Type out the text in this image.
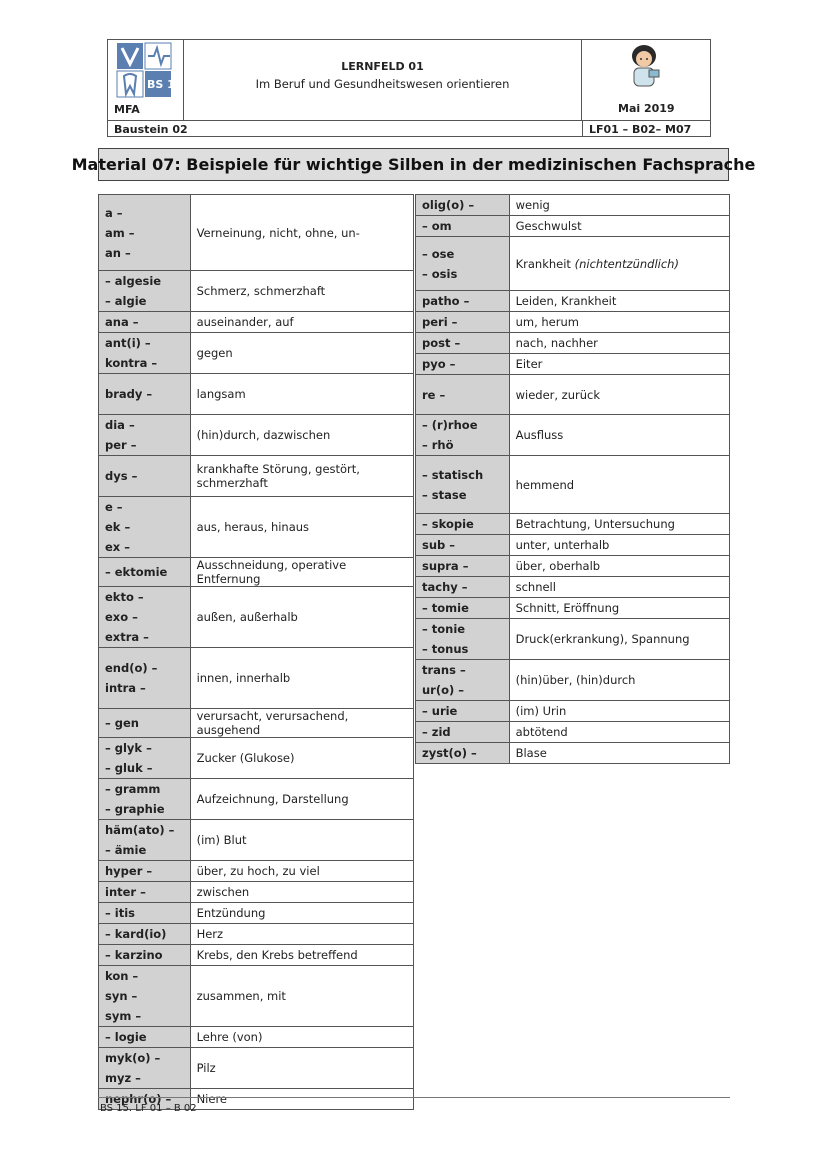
BS 15
MFA
LERNFELD 01
Im Beruf und Gesundheitswesen orientieren
Mai 2019
Baustein 02	LF01 – B02– M07
Material 07: Beispiele für wichtige Silben in der medizinischen Fachsprache
a –
am –
an –	Verneinung, nicht, ohne, un-
– algesie
– algie	Schmerz, schmerzhaft
ana –	auseinander, auf
ant(i) –
kontra –	gegen
brady –	langsam
dia –
per –	(hin)durch, dazwischen
dys –	krankhafte Störung, gestört, schmerzhaft
e –
ek –
ex –	aus, heraus, hinaus
– ektomie	Ausschneidung, operative Entfernung
ekto –
exo –
extra –	außen, außerhalb
end(o) –
intra –	innen, innerhalb
– gen	verursacht, verursachend, ausgehend
– glyk –
– gluk –	Zucker (Glukose)
– gramm
– graphie	Aufzeichnung, Darstellung
häm(ato) –
– ämie	(im) Blut
hyper –	über, zu hoch, zu viel
inter –	zwischen
– itis	Entzündung
– kard(io)	Herz
– karzino	Krebs, den Krebs betreffend
kon –
syn –
sym –	zusammen, mit
– logie	Lehre (von)
myk(o) –
myz –	Pilz
nephr(o) –	Niere
olig(o) –	wenig
– om	Geschwulst
– ose
– osis	Krankheit (nichtentzündlich)
patho –	Leiden, Krankheit
peri –	um, herum
post –	nach, nachher
pyo –	Eiter
re –	wieder, zurück
– (r)rhoe
– rhö	Ausfluss
– statisch
– stase	hemmend
– skopie	Betrachtung, Untersuchung
sub –	unter, unterhalb
supra –	über, oberhalb
tachy –	schnell
– tomie	Schnitt, Eröffnung
– tonie
– tonus	Druck(erkrankung), Spannung
trans –
ur(o) –	(hin)über, (hin)durch
– urie	(im) Urin
– zid	abtötend
zyst(o) –	Blase
BS 15. LF 01 – B 02
